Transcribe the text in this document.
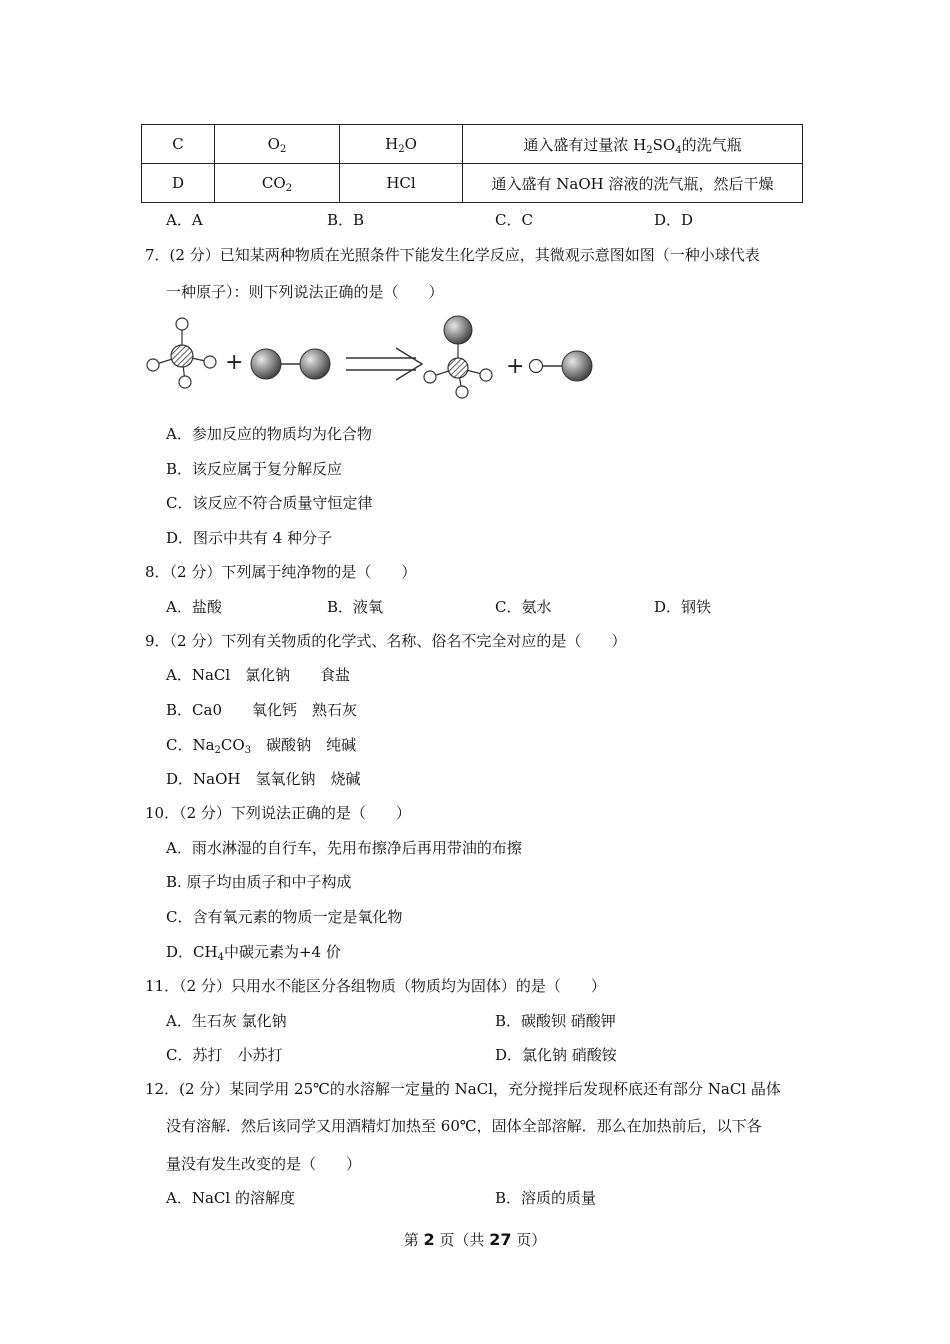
C	$O_2$	$H_2O$	通入盛有过量浓 $H_2SO_4$的洗气瓶
D	$CO_2$	HCl	通入盛有 NaOH 溶液的洗气瓶，然后干燥
A．A	B．B	C．C	D．D
7．(2 分）已知某两种物质在光照条件下能发生化学反应，其微观示意图如图（一种小球代表
一种原子）：则下列说法正确的是（　　）
+	+
A．参加反应的物质均为化合物
B．该反应属于复分解反应
C．该反应不符合质量守恒定律
D．图示中共有 4 种分子
8．（2 分）下列属于纯净物的是（　　）
A．盐酸	B．液氧	C．氨水	D．钢铁
9．（2 分）下列有关物质的化学式、名称、俗名不完全对应的是（　　）
A．NaCl　氯化钠　　食盐
B．Ca0　　氧化钙　熟石灰
C．$Na_2CO_3$　碳酸钠　纯碱
D．NaOH　氢氧化钠　烧碱
10．（2 分）下列说法正确的是（　　）
A．雨水淋湿的自行车，先用布擦净后再用带油的布擦
B. 原子均由质子和中子构成
C．含有氧元素的物质一定是氧化物
D．$CH_4$中碳元素为+4 价
11．（2 分）只用水不能区分各组物质（物质均为固体）的是（　　）
A．生石灰 氯化钠	B．碳酸钡 硝酸钾
C．苏打　小苏打	D．氯化钠 硝酸铵
12．(2 分）某同学用 25℃的水溶解一定量的 NaCl，充分搅拌后发现杯底还有部分 NaCl 晶体
没有溶解．然后该同学又用酒精灯加热至 60℃，固体全部溶解．那么在加热前后，以下各
量没有发生改变的是（　　）
A．NaCl 的溶解度	B．溶质的质量
第 2 页（共 27 页）
